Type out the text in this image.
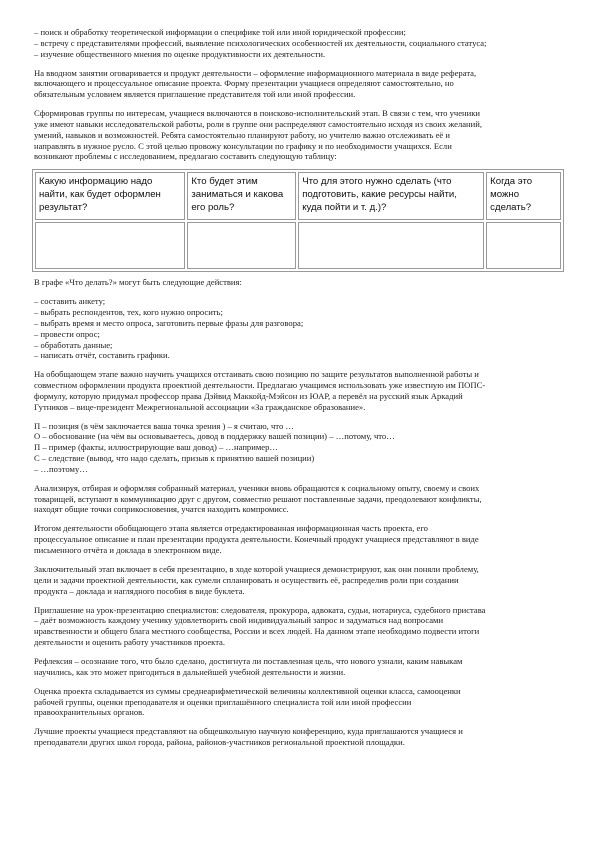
– поиск и обработку теоретической информации о специфике той или иной юридической профессии;
– встречу с представителями профессий, выявление психологических особенностей их деятельности, социального статуса;
– изучение общественного мнения по оценке продуктивности их деятельности.
На вводном занятии оговаривается и продукт деятельности – оформление информационного материала в виде реферата,
включающего и процессуальное описание проекта. Форму презентации учащиеся определяют самостоятельно, но
обязательным условием является приглашение представителя той или иной профессии.
Сформировав группы по интересам, учащиеся включаются в поисково-исполнительский этап. В связи с тем, что ученики
уже имеют навыки исследовательской работы, роли в группе они распределяют самостоятельно исходя из своих желаний,
умений, навыков и возможностей. Ребята самостоятельно планируют работу, но учителю важно отслеживать её и
направлять в нужное русло. С этой целью провожу консультации по графику и по необходимости учащихся. Если
возникают проблемы с исследованием, предлагаю составить следующую таблицу:
Какую информацию надо
найти, как будет оформлен
результат?	Кто будет этим
заниматься и какова
его роль?	Что для этого нужно сделать (что
подготовить, какие ресурсы найти,
куда пойти и т. д.)?	Когда это
можно
сделать?

В графе «Что делать?» могут быть следующие действия:
– составить анкету;
– выбрать респондентов, тех, кого нужно опросить;
– выбрать время и место опроса, заготовить первые фразы для разговора;
– провести опрос;
– обработать данные;
– написать отчёт, составить графики.
На обобщающем этапе важно научить учащихся отстаивать свою позицию по защите результатов выполненной работы и
совместном оформлении продукта проектной деятельности. Предлагаю учащимся использовать уже известную им ПОПС-
формулу, которую придумал профессор права Дэйвид Маккойд-Мэйсон из ЮАР, а перевёл на русский язык Аркадий
Гутников – вице-президент Межрегиональной ассоциации «За гражданское образование».
П – позиция (в чём заключается ваша точка зрения ) – я считаю, что …
О – обоснование (на чём вы основываетесь, довод в поддержку вашей позиции) – …потому, что…
П – пример (факты, иллюстрирующие ваш довод) – …например…
С – следствие (вывод, что надо сделать, призыв к принятию вашей позиции)
– …поэтому…
Анализируя, отбирая и оформляя собранный материал, ученики вновь обращаются к социальному опыту, своему и своих
товарищей, вступают в коммуникацию друг с другом, совместно решают поставленные задачи, преодолевают конфликты,
находят общие точки соприкосновения, учатся находить компромисс.
Итогом деятельности обобщающего этапа является отредактированная информационная часть проекта, его
процессуальное описание и план презентации продукта деятельности. Конечный продукт учащиеся представляют в виде
письменного отчёта и доклада в электронном виде.
Заключительный этап включает в себя презентацию, в ходе которой учащиеся демонстрируют, как они поняли проблему,
цели и задачи проектной деятельности, как сумели спланировать и осуществить её, распределив роли при создании
продукта – доклада и наглядного пособия в виде буклета.
Приглашение на урок-презентацию специалистов: следователя, прокурора, адвоката, судьи, нотариуса, судебного пристава
– даёт возможность каждому ученику удовлетворить свой индивидуальный запрос и задуматься над вопросами
нравственности и общего блага местного сообщества, России и всех людей. На данном этапе необходимо подвести итоги
деятельности и оценить работу участников проекта.
Рефлексия – осознание того, что было сделано, достигнута ли поставленная цель, что нового узнали, каким навыкам
научились, как это может пригодиться в дальнейшей учебной деятельности и жизни.
Оценка проекта складывается из суммы среднеарифметической величины коллективной оценки класса, самооценки
рабочей группы, оценки преподавателя и оценки приглашённого специалиста той или иной профессии
правоохранительных органов.
Лучшие проекты учащиеся представляют на общешкольную научную конференцию, куда приглашаются учащиеся и
преподаватели других школ города, района, районов-участников региональной проектной площадки.
